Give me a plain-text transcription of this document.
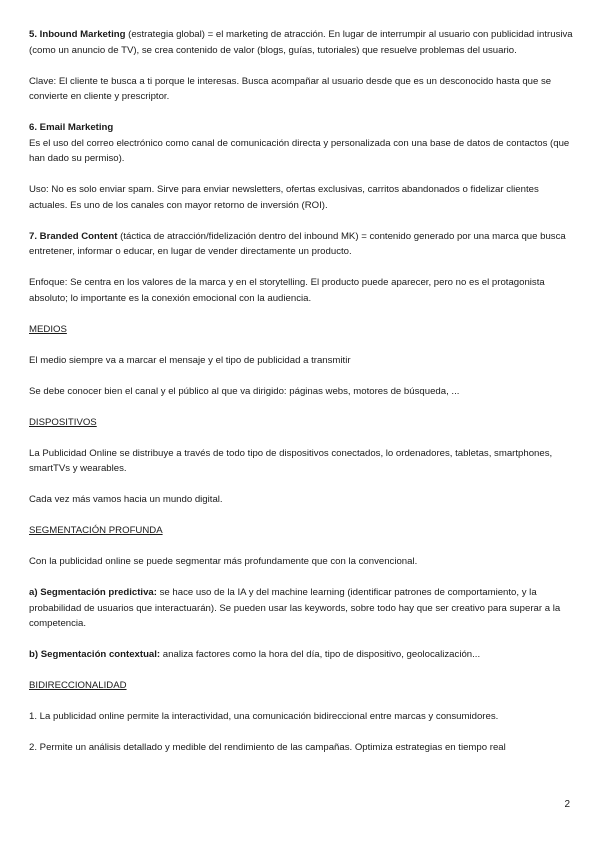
5. Inbound Marketing (estrategia global) = el marketing de atracción. En lugar de interrumpir al usuario con publicidad intrusiva (como un anuncio de TV), se crea contenido de valor (blogs, guías, tutoriales) que resuelve problemas del usuario.

Clave: El cliente te busca a ti porque le interesas. Busca acompañar al usuario desde que es un desconocido hasta que se convierte en cliente y prescriptor.

6. Email Marketing

Es el uso del correo electrónico como canal de comunicación directa y personalizada con una base de datos de contactos (que han dado su permiso).

Uso: No es solo enviar spam. Sirve para enviar newsletters, ofertas exclusivas, carritos abandonados o fidelizar clientes actuales. Es uno de los canales con mayor retorno de inversión (ROI).

7. Branded Content (táctica de atracción/fidelización dentro del inbound MK) = contenido generado por una marca que busca entretener, informar o educar, en lugar de vender directamente un producto.

Enfoque: Se centra en los valores de la marca y en el storytelling. El producto puede aparecer, pero no es el protagonista absoluto; lo importante es la conexión emocional con la audiencia.

MEDIOS

El medio siempre va a marcar el mensaje y el tipo de publicidad a transmitir

Se debe conocer bien el canal y el público al que va dirigido: páginas webs, motores de búsqueda, ...

DISPOSITIVOS

La Publicidad Online se distribuye a través de todo tipo de dispositivos conectados, lo ordenadores, tabletas, smartphones, smartTVs y wearables.

Cada vez más vamos hacia un mundo digital.

SEGMENTACIÓN PROFUNDA

Con la publicidad online se puede segmentar más profundamente que con la convencional.

a) Segmentación predictiva: se hace uso de la IA y del machine learning (identificar patrones de comportamiento, y la probabilidad de usuarios que interactuarán). Se pueden usar las keywords, sobre todo hay que ser creativo para superar a la competencia.

b) Segmentación contextual: analiza factores como la hora del día, tipo de dispositivo, geolocalización...

BIDIRECCIONALIDAD

1. La publicidad online permite la interactividad, una comunicación bidireccional entre marcas y consumidores.

2. Permite un análisis detallado y medible del rendimiento de las campañas. Optimiza estrategias en tiempo real

2
